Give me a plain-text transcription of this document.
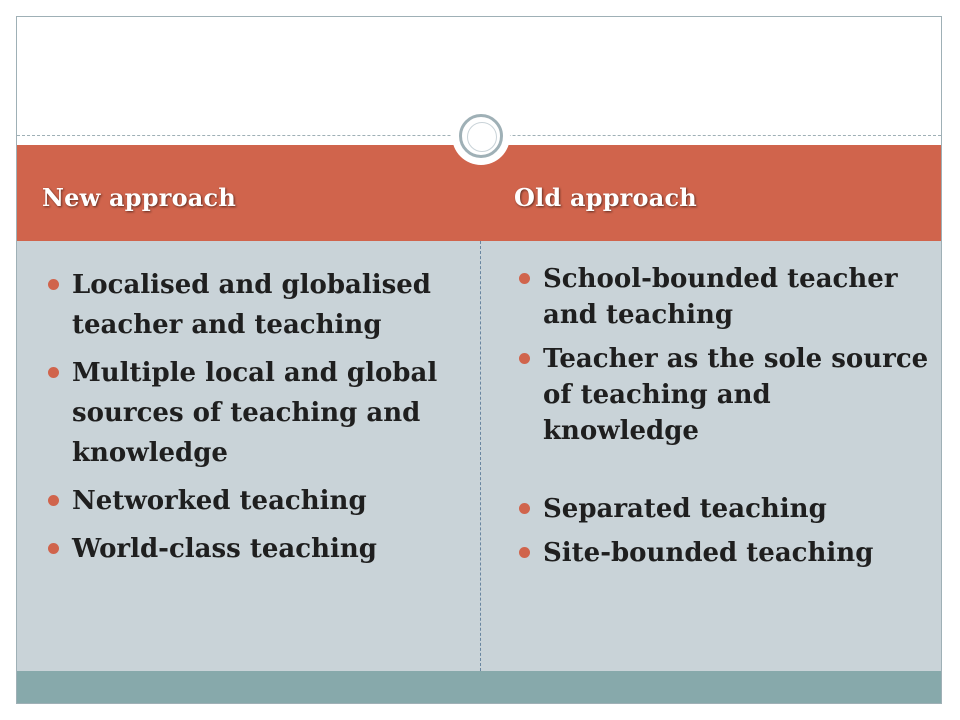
New approach	Old approach
Localised and globalised teacher and teaching
Multiple local and global sources of teaching and knowledge
Networked teaching
World-class teaching
School-bounded teacher and teaching
Teacher as the sole source of teaching and knowledge
Separated teaching
Site-bounded teaching
